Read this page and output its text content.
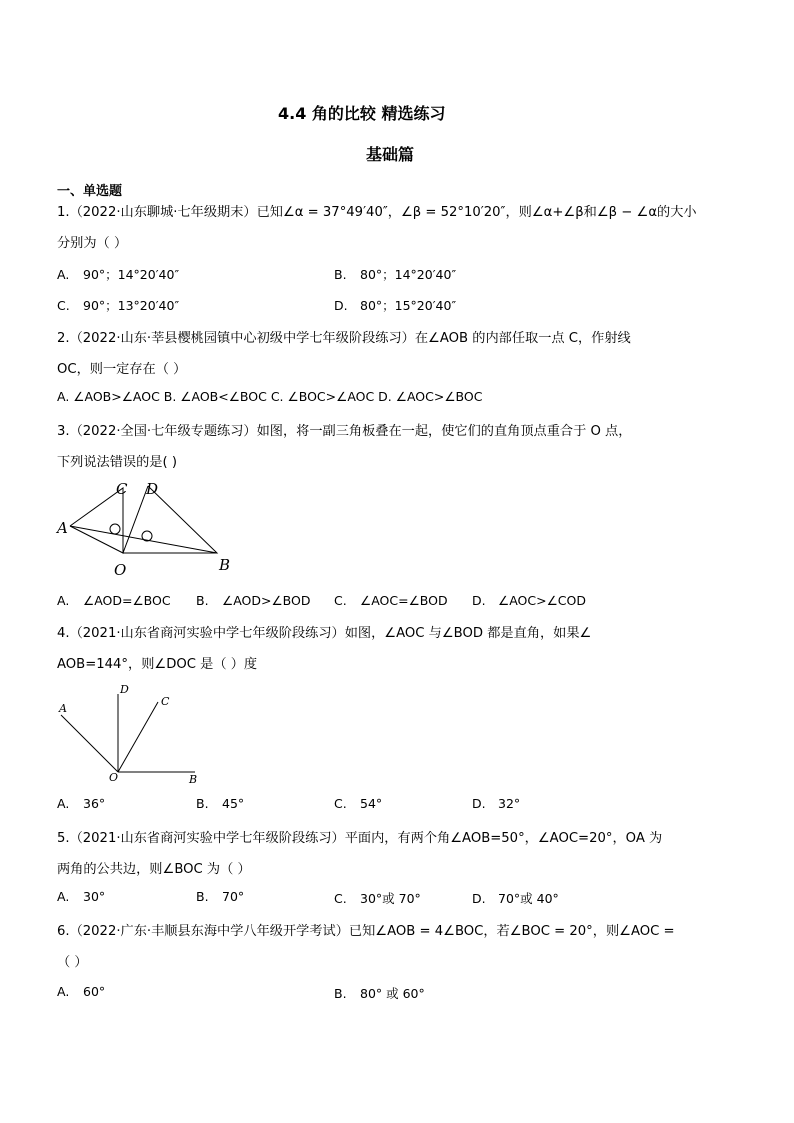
4.4 角的比较 精选练习
基础篇
一、单选题
1.（2022·山东聊城·七年级期末）已知∠α = 37°49′40″，∠β = 52°10′20″，则∠α+∠β和∠β − ∠α的大小
分别为（ ）
A. 90°；14°20′40″	B. 80°；14°20′40″
C. 90°；13°20′40″	D. 80°；15°20′40″
2.（2022·山东·莘县樱桃园镇中心初级中学七年级阶段练习）在∠AOB 的内部任取一点 C，作射线
OC，则一定存在（ ）
A. ∠AOB>∠AOC B. ∠AOB<∠BOC C. ∠BOC>∠AOC D. ∠AOC>∠BOC
3.（2022·全国·七年级专题练习）如图，将一副三角板叠在一起，使它们的直角顶点重合于 O 点，
下列说法错误的是( )
A
C D
O	B
A. ∠AOD=∠BOC B. ∠AOD>∠BOD C. ∠AOC=∠BOD D. ∠AOC>∠COD
4.（2021·山东省商河实验中学七年级阶段练习）如图，∠AOC 与∠BOD 都是直角，如果∠
AOB=144°，则∠DOC 是（ ）度
A
D
C
O	B
A. 36°	B. 45°	C. 54°	D. 32°
5.（2021·山东省商河实验中学七年级阶段练习）平面内，有两个角∠AOB=50°，∠AOC=20°，OA 为
两角的公共边，则∠BOC 为（ ）
A. 30°	B. 70°	C. 30°或 70°	D. 70°或 40°
6.（2022·广东·丰顺县东海中学八年级开学考试）已知∠AOB = 4∠BOC，若∠BOC = 20°，则∠AOC =
（ ）
A. 60°	B. 80° 或 60°
